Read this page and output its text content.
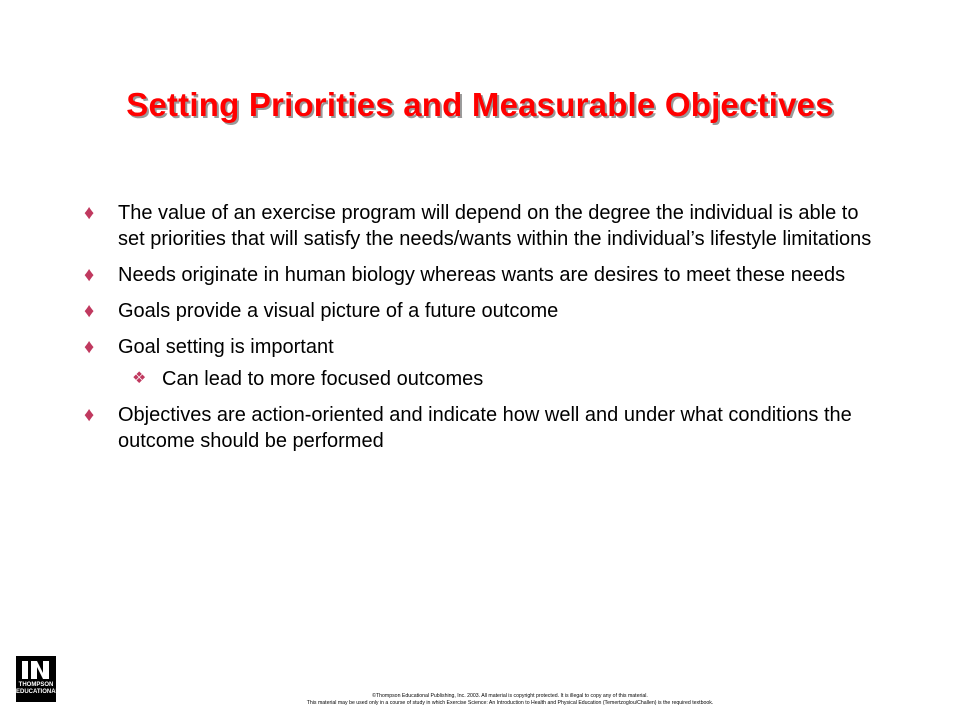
Setting Priorities and Measurable Objectives
♦ The value of an exercise program will depend on the degree the individual is able to set priorities that will satisfy the needs/wants within the individual’s lifestyle limitations
♦ Needs originate in human biology whereas wants are desires to meet these needs
♦ Goals provide a visual picture of a future outcome
♦ Goal setting is important
❖ Can lead to more focused outcomes
♦ Objectives are action-oriented and indicate how well and under what conditions the outcome should be performed
THOMPSON
EDUCATIONAL
©Thompson Educational Publishing, Inc. 2003. All material is copyright protected. It is illegal to copy any of this material.
This material may be used only in a course of study in which Exercise Science: An Introduction to Health and Physical Education (Temertzoglou/Challen) is the required textbook.
